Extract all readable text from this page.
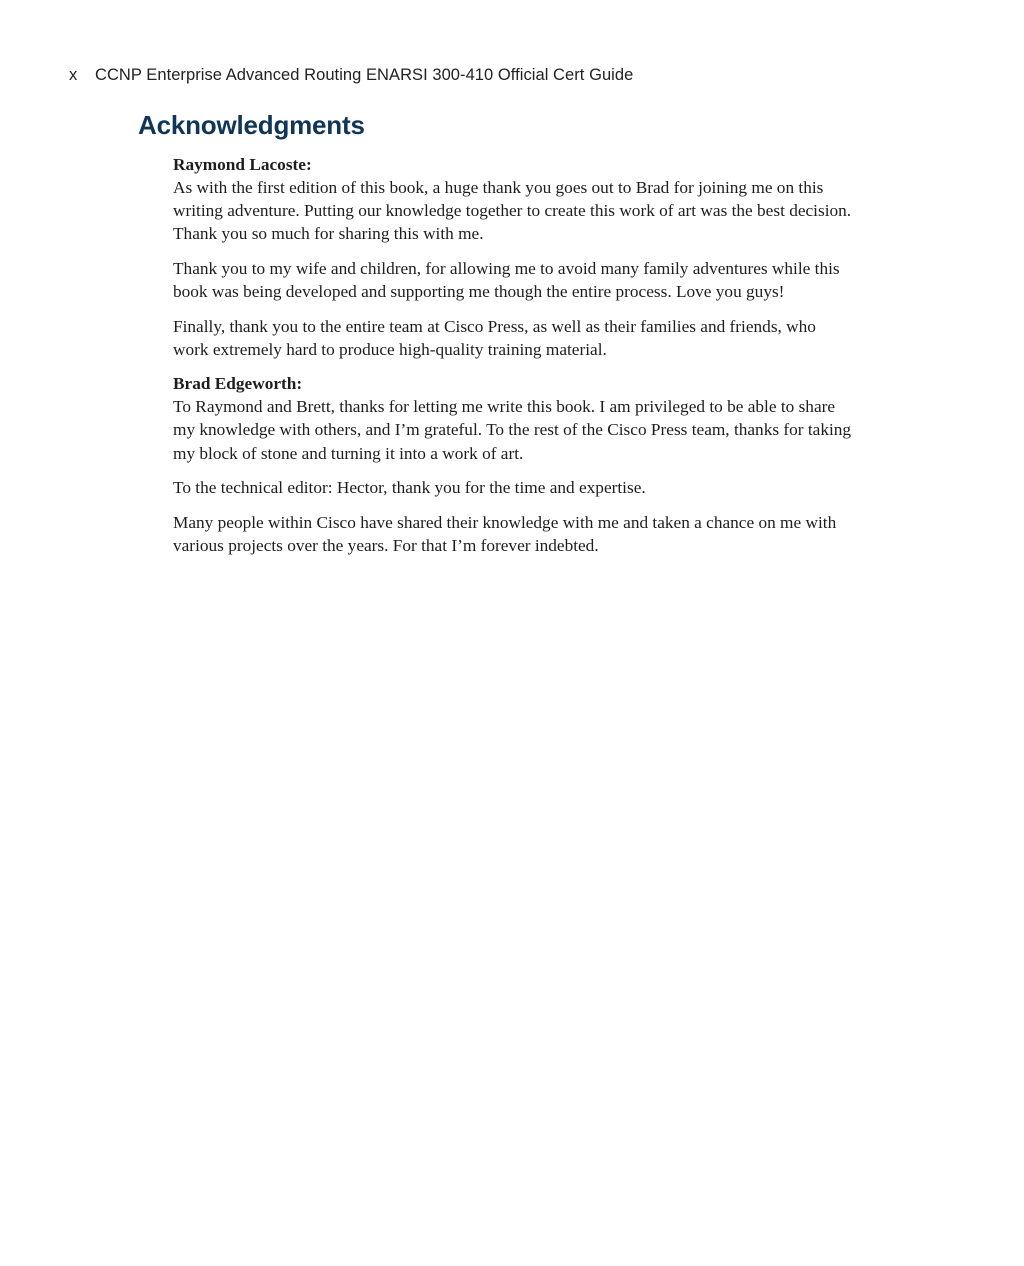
x CCNP Enterprise Advanced Routing ENARSI 300-410 Official Cert Guide
Acknowledgments
Raymond Lacoste:

As with the first edition of this book, a huge thank you goes out to Brad for joining me on this writing adventure. Putting our knowledge together to create this work of art was the best decision. Thank you so much for sharing this with me.

Thank you to my wife and children, for allowing me to avoid many family adventures while this book was being developed and supporting me though the entire process. Love you guys!

Finally, thank you to the entire team at Cisco Press, as well as their families and friends, who work extremely hard to produce high-quality training material.

Brad Edgeworth:

To Raymond and Brett, thanks for letting me write this book. I am privileged to be able to share my knowledge with others, and I’m grateful. To the rest of the Cisco Press team, thanks for taking my block of stone and turning it into a work of art.

To the technical editor: Hector, thank you for the time and expertise.

Many people within Cisco have shared their knowledge with me and taken a chance on me with various projects over the years. For that I’m forever indebted.
